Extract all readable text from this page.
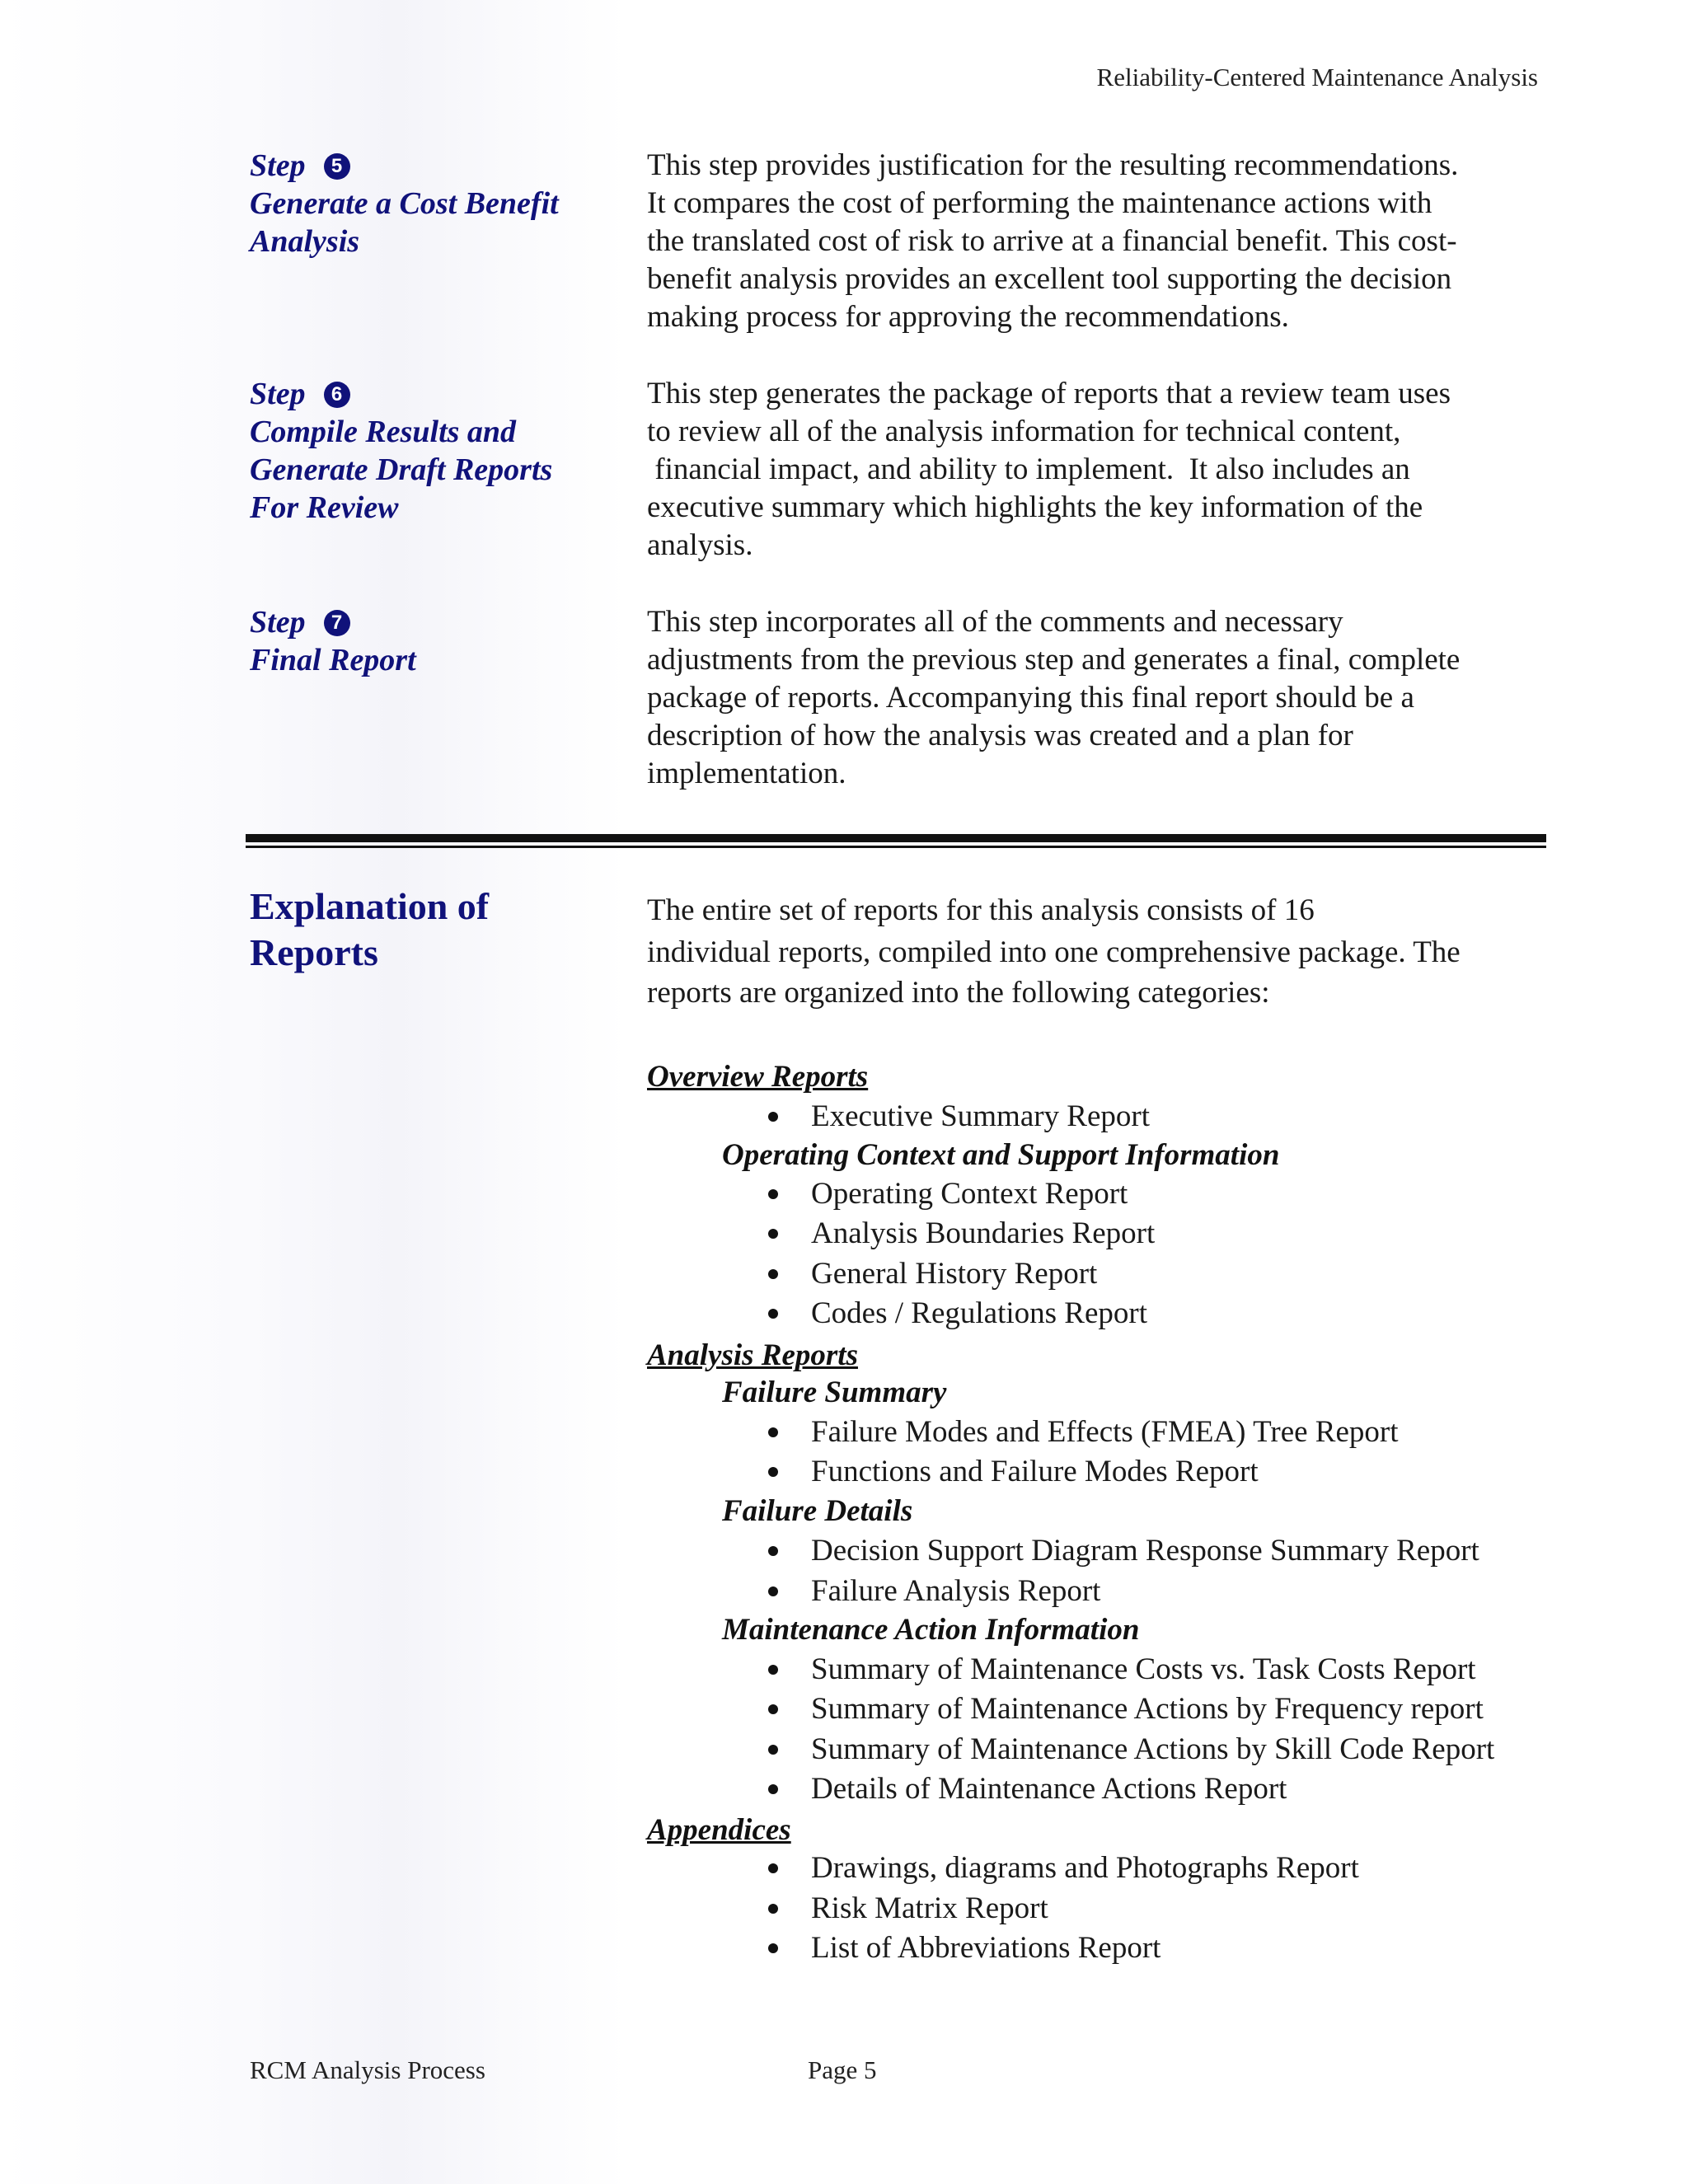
Reliability-Centered Maintenance Analysis
Step 5
Generate a Cost Benefit
Analysis

This step provides justification for the resulting recommendations.

It compares the cost of performing the maintenance actions with

the translated cost of risk to arrive at a financial benefit. This cost-

benefit analysis provides an excellent tool supporting the decision

making process for approving the recommendations.

Step 6
Compile Results and
Generate Draft Reports
For Review

This step generates the package of reports that a review team uses

to review all of the analysis information for technical content,

financial impact, and ability to implement.  It also includes an

executive summary which highlights the key information of the

analysis.

Step 7
Final Report

This step incorporates all of the comments and necessary

adjustments from the previous step and generates a final, complete

package of reports. Accompanying this final report should be a

description of how the analysis was created and a plan for

implementation.

Explanation of
Reports

The entire set of reports for this analysis consists of 16

individual reports, compiled into one comprehensive package. The

reports are organized into the following categories:

Overview Reports
Executive Summary Report
Operating Context and Support Information
Operating Context Report
Analysis Boundaries Report
General History Report
Codes / Regulations Report
Analysis Reports
Failure Summary
Failure Modes and Effects (FMEA) Tree Report
Functions and Failure Modes Report
Failure Details
Decision Support Diagram Response Summary Report
Failure Analysis Report
Maintenance Action Information
Summary of Maintenance Costs vs. Task Costs Report
Summary of Maintenance Actions by Frequency report
Summary of Maintenance Actions by Skill Code Report
Details of Maintenance Actions Report
Appendices
Drawings, diagrams and Photographs Report
Risk Matrix Report
List of Abbreviations Report
RCM Analysis Process	Page 5
